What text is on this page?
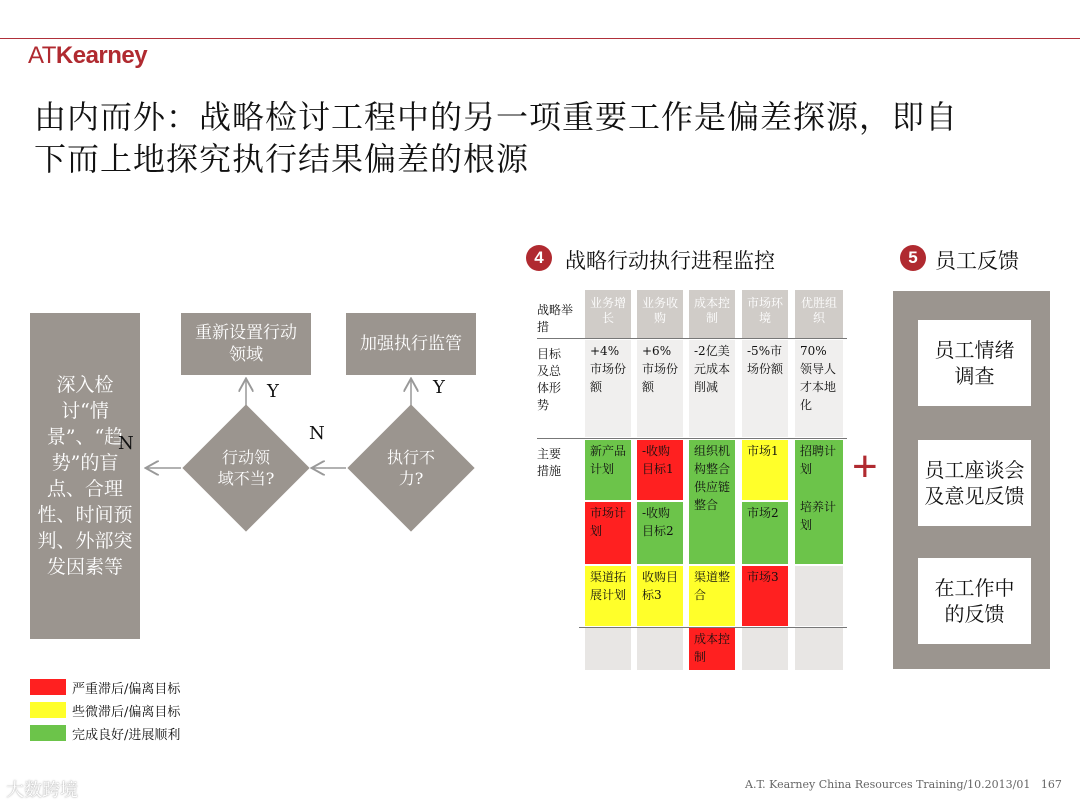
ATKearney
由内而外：战略检讨工程中的另一项重要工作是偏差探源，即自
下而上地探究执行结果偏差的根源
深入检讨“情景”、“趋势”的盲点、合理性、时间预判、外部突发因素等
重新设置行动领域
加强执行监管
行动领域不当?
执行不力?
Y	Y
N
N
4	战略行动执行进程监控
战略举措
目标及总体形势
主要措施
业务增长
业务收购
成本控制
市场环境
优胜组织
+4%市场份额
+6%市场份额
-2亿美元成本削减
-5%市场份额
70%领导人才本地化
新产品计划
市场计划
渠道拓展计划
-收购目标1
-收购目标2
收购目标3
组织机构整合
供应链整合
渠道整合
成本控制
市场1
市场2
市场3
招聘计划
培养计划
+
5 员工反馈
员工情绪调查
员工座谈会及意见反馈
在工作中的反馈
严重滞后/偏离目标
些微滞后/偏离目标
完成良好/进展顺利
A.T. Kearney China Resources Training/10.2013/01 167
大数跨境
